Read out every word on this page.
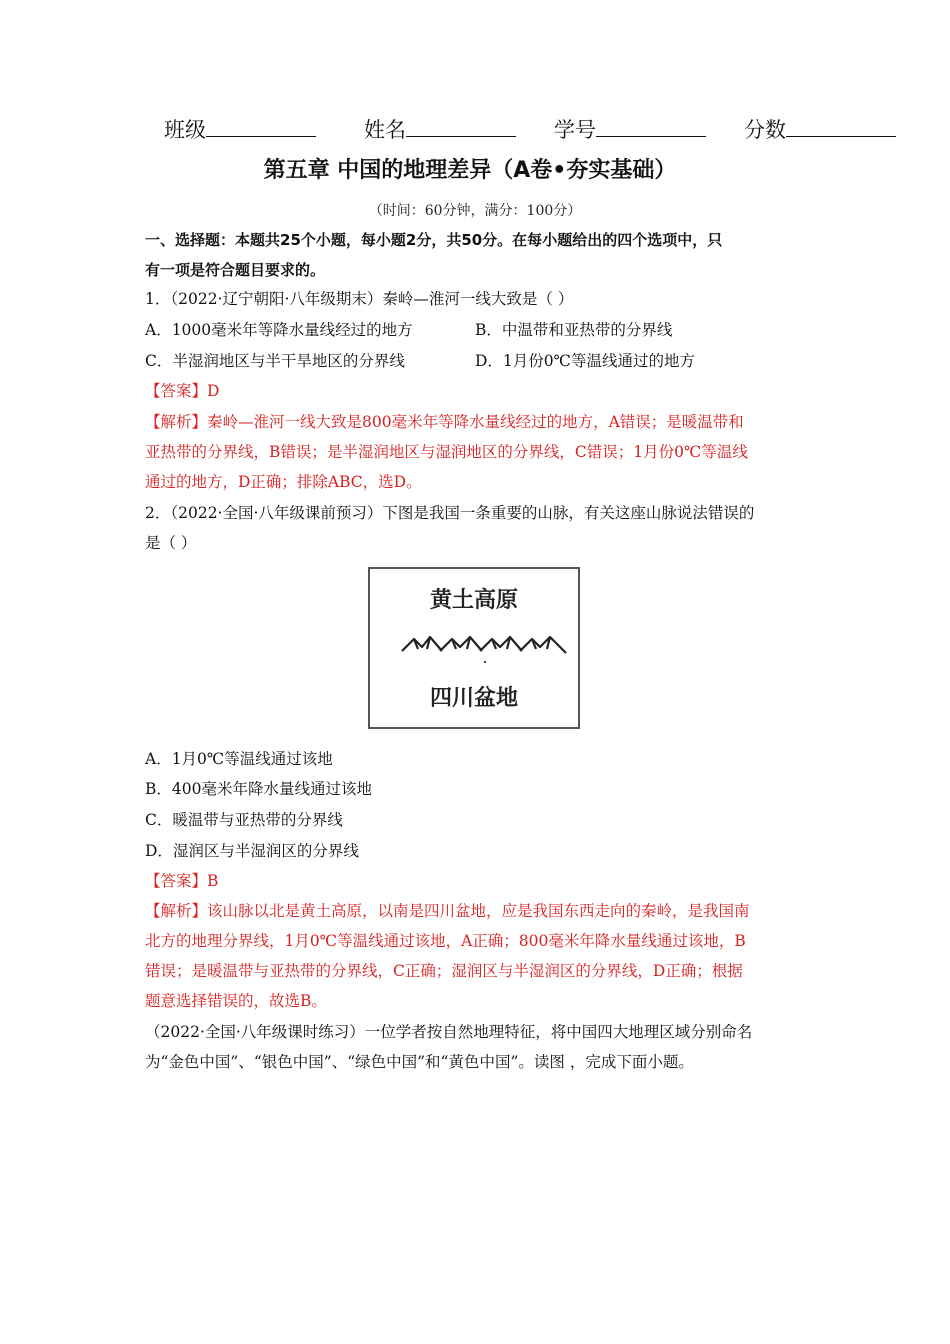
班级	姓名	学号	分数
第五章 中国的地理差异（A卷•夯实基础）
（时间：60分钟，满分：100分）
一、选择题：本题共25个小题，每小题2分，共50分。在每小题给出的四个选项中，只
有一项是符合题目要求的。
1．（2022·辽宁朝阳·八年级期末）秦岭—淮河一线大致是（ ）
A．1000毫米年等降水量线经过的地方	B．中温带和亚热带的分界线
C．半湿润地区与半干旱地区的分界线	D．1月份0℃等温线通过的地方
【答案】D
【解析】秦岭—淮河一线大致是800毫米年等降水量线经过的地方，A错误；是暖温带和
亚热带的分界线，B错误；是半湿润地区与湿润地区的分界线，C错误；1月份0℃等温线
通过的地方，D正确；排除ABC，选D。
2．（2022·全国·八年级课前预习）下图是我国一条重要的山脉，有关这座山脉说法错误的
是（ ）
黄土高原
四川盆地
A．1月0℃等温线通过该地
B．400毫米年降水量线通过该地
C．暖温带与亚热带的分界线
D．湿润区与半湿润区的分界线
【答案】B
【解析】该山脉以北是黄土高原，以南是四川盆地，应是我国东西走向的秦岭，是我国南
北方的地理分界线，1月0℃等温线通过该地，A正确；800毫米年降水量线通过该地，B
错误；是暖温带与亚热带的分界线，C正确；湿润区与半湿润区的分界线，D正确；根据
题意选择错误的，故选B。
（2022·全国·八年级课时练习）一位学者按自然地理特征，将中国四大地理区域分别命名
为“金色中国”、“银色中国”、“绿色中国”和“黄色中国”。读图 ，完成下面小题。
